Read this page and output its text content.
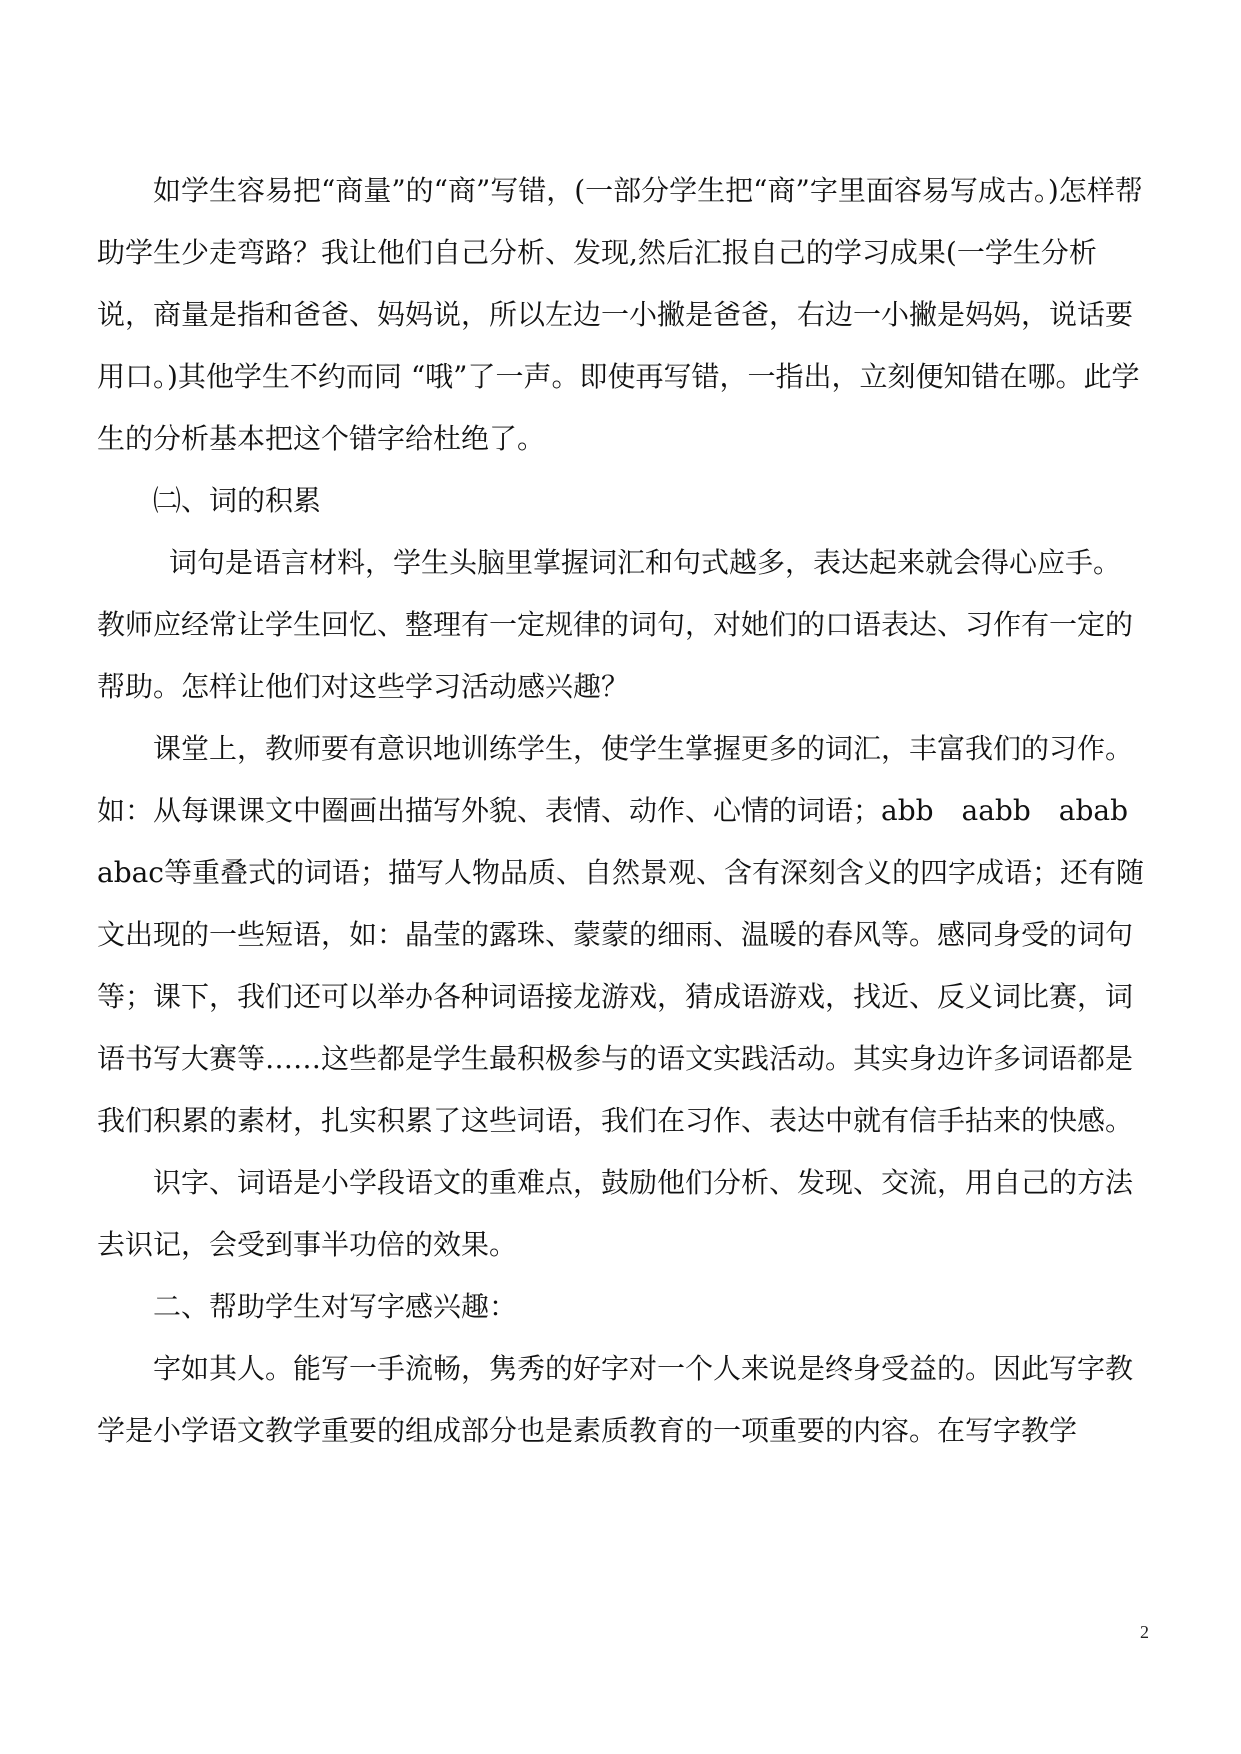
如学生容易把“商量”的“商”写错，(一部分学生把“商”字里面容易写成古。)怎样帮助学生少走弯路？我让他们自己分析、发现,然后汇报自己的学习成果(一学生分析说，商量是指和爸爸、妈妈说，所以左边一小撇是爸爸，右边一小撇是妈妈，说话要用口。)其他学生不约而同 “哦”了一声。即使再写错，一指出，立刻便知错在哪。此学生的分析基本把这个错字给杜绝了。

㈡、词的积累

词句是语言材料，学生头脑里掌握词汇和句式越多，表达起来就会得心应手。教师应经常让学生回忆、整理有一定规律的词句，对她们的口语表达、习作有一定的帮助。怎样让他们对这些学习活动感兴趣？

课堂上，教师要有意识地训练学生，使学生掌握更多的词汇，丰富我们的习作。如：从每课课文中圈画出描写外貌、表情、动作、心情的词语；abb　aabb　abab　abac等重叠式的词语；描写人物品质、自然景观、含有深刻含义的四字成语；还有随文出现的一些短语，如：晶莹的露珠、蒙蒙的细雨、温暖的春风等。感同身受的词句等；课下，我们还可以举办各种词语接龙游戏，猜成语游戏，找近、反义词比赛，词语书写大赛等……这些都是学生最积极参与的语文实践活动。其实身边许多词语都是我们积累的素材，扎实积累了这些词语，我们在习作、表达中就有信手拈来的快感。

识字、词语是小学段语文的重难点，鼓励他们分析、发现、交流，用自己的方法去识记，会受到事半功倍的效果。

二、帮助学生对写字感兴趣：

字如其人。能写一手流畅，隽秀的好字对一个人来说是终身受益的。因此写字教学是小学语文教学重要的组成部分也是素质教育的一项重要的内容。在写字教学

2
